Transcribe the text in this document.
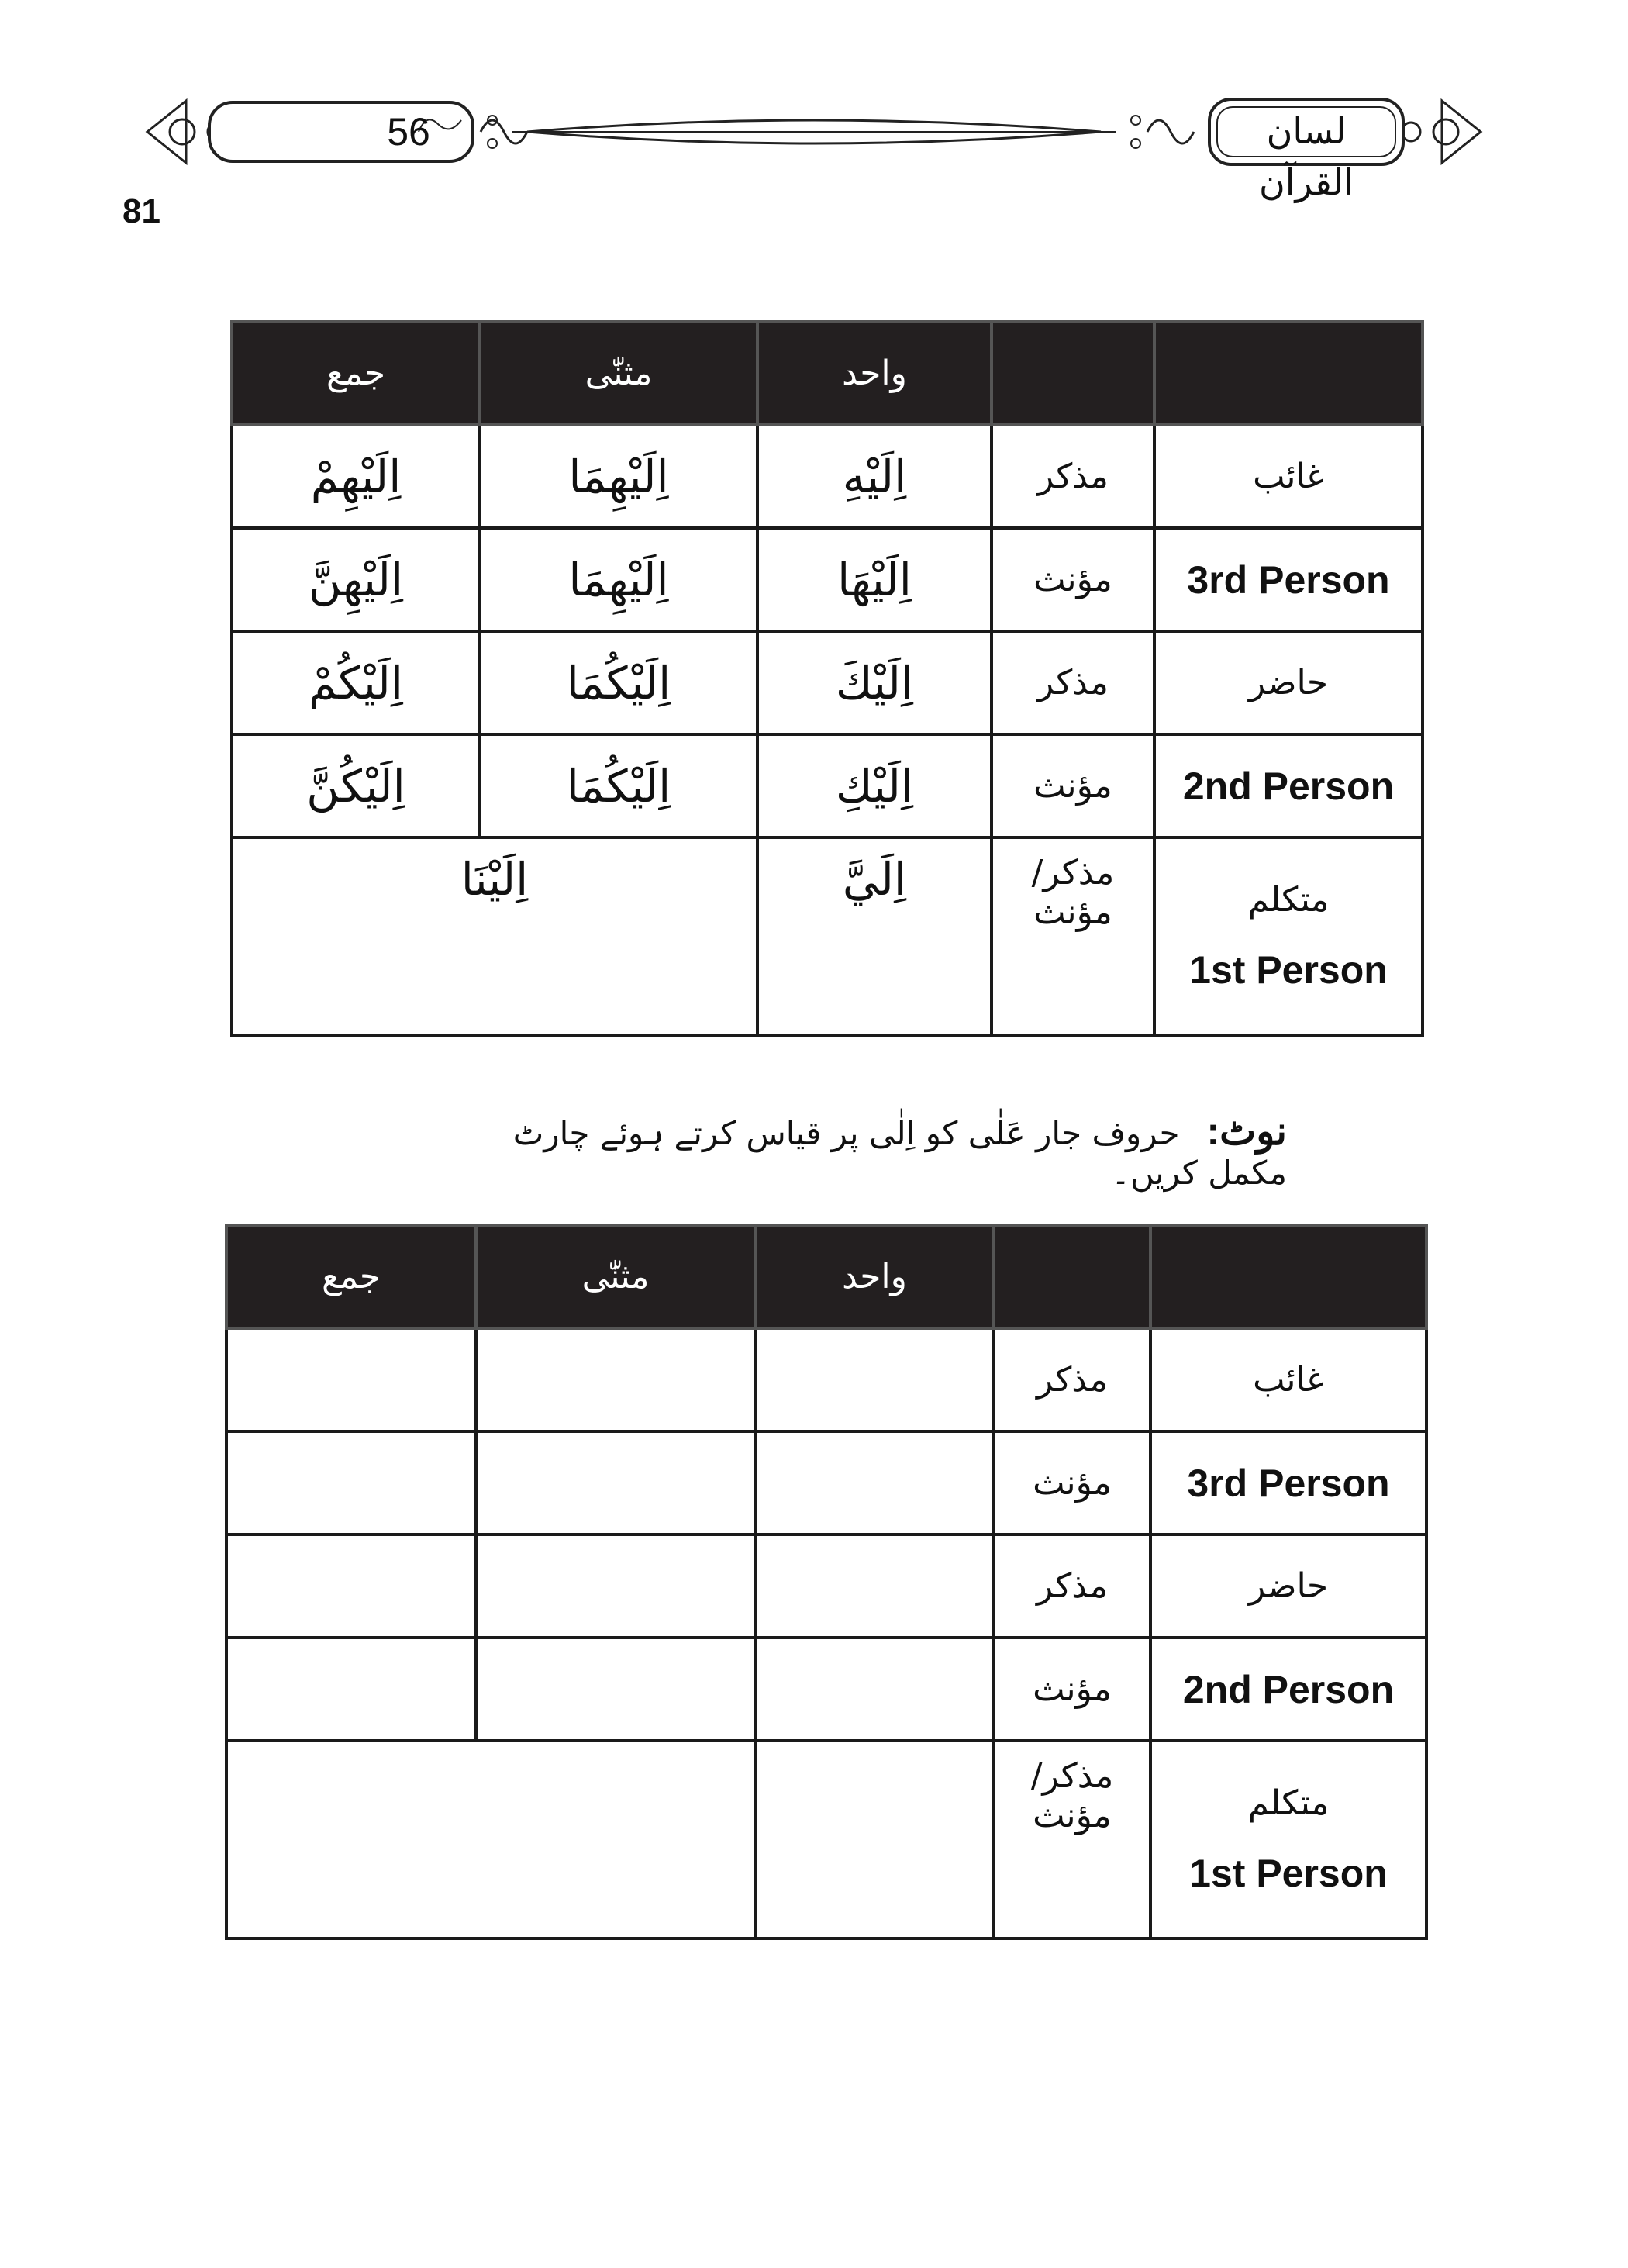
56	لسان القرآن
81
جمع	مثنّٰی	واحد		
اِلَيْهِمْ	اِلَيْهِمَا	اِلَيْهِ	مذکر	غائب
اِلَيْهِنَّ	اِلَيْهِمَا	اِلَيْهَا	مؤنث	3rd Person
اِلَيْكُمْ	اِلَيْكُمَا	اِلَيْكَ	مذکر	حاضر
اِلَيْكُنَّ	اِلَيْكُمَا	اِلَيْكِ	مؤنث	2nd Person
اِلَيْنَا		اِلَيَّ	مذکر/مؤنث	متکلم
1st Person
نوٹ: حروف جار عَلٰی کو اِلٰی پر قیاس کرتے ہوئے چارٹ مکمل کریں۔
جمع	مثنّٰی	واحد		
			مذکر	غائب
			مؤنث	3rd Person
			مذکر	حاضر
			مؤنث	2nd Person
			مذکر/مؤنث	متکلم
1st Person
